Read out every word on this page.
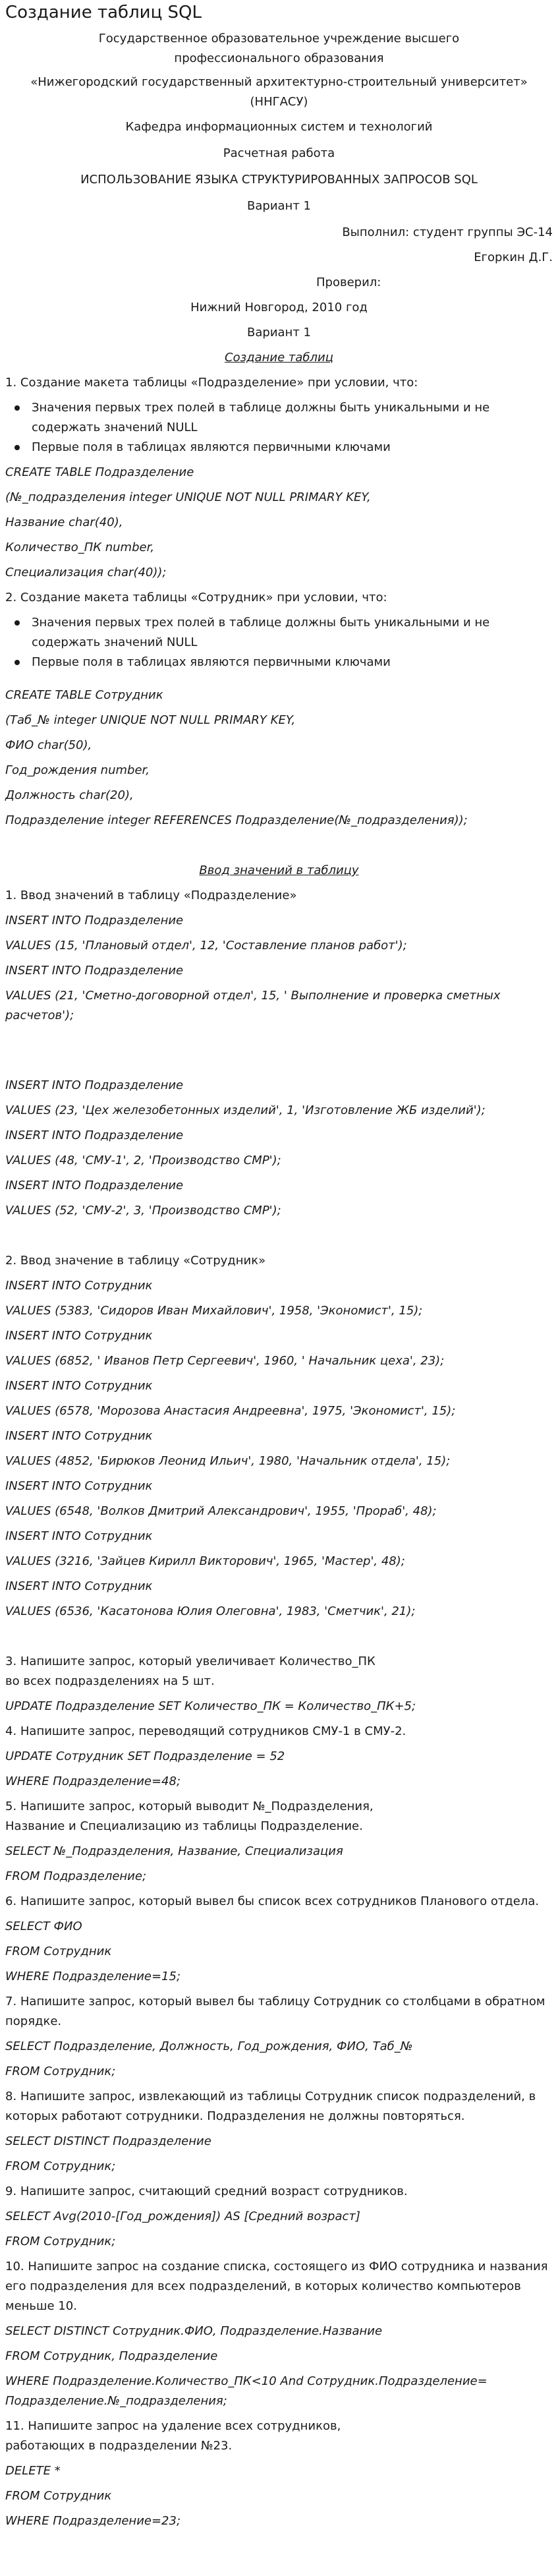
Создание таблиц SQL
Государственное образовательное учреждение высшего
профессионального образования
«Нижегородский государственный архитектурно-строительный университет»
(ННГАСУ)
Кафедра информационных систем и технологий
Расчетная работа
ИСПОЛЬЗОВАНИЕ ЯЗЫКА СТРУКТУРИРОВАННЫХ ЗАПРОСОВ SQL
Вариант 1
Выполнил: студент группы ЭС-14
Егоркин Д.Г.
Проверил:
Нижний Новгород, 2010 год
Вариант 1
Создание таблиц
1. Создание макета таблицы «Подразделение» при условии, что:
Значения первых трех полей в таблице должны быть уникальными и не
содержать значений NULL
Первые поля в таблицах являются первичными ключами
CREATE TABLE Подразделение
(№_подразделения integer UNIQUE NOT NULL PRIMARY KEY,
Название char(40),
Количество_ПК number,
Специализация char(40));
2. Создание макета таблицы «Сотрудник» при условии, что:
Значения первых трех полей в таблице должны быть уникальными и не
содержать значений NULL
Первые поля в таблицах являются первичными ключами
CREATE TABLE Сотрудник
(Таб_№ integer UNIQUE NOT NULL PRIMARY KEY,
ФИО char(50),
Год_рождения number,
Должность char(20),
Подразделение integer REFERENCES Подразделение(№_подразделения));
Ввод значений в таблицу
1. Ввод значений в таблицу «Подразделение»
INSERT INTO Подразделение
VALUES (15, 'Плановый отдел', 12, 'Составление планов работ');
INSERT INTO Подразделение
VALUES (21, 'Сметно-договорной отдел', 15, ' Выполнение и проверка сметных
расчетов');
INSERT INTO Подразделение
VALUES (23, 'Цех железобетонных изделий', 1, 'Изготовление ЖБ изделий');
INSERT INTO Подразделение
VALUES (48, 'СМУ-1', 2, 'Производство СМР');
INSERT INTO Подразделение
VALUES (52, 'СМУ-2', 3, 'Производство СМР');
2. Ввод значение в таблицу «Сотрудник»
INSERT INTO Сотрудник
VALUES (5383, 'Сидоров Иван Михайлович', 1958, 'Экономист', 15);
INSERT INTO Сотрудник
VALUES (6852, ' Иванов Петр Сергеевич', 1960, ' Начальник цеха', 23);
INSERT INTO Сотрудник
VALUES (6578, 'Морозова Анастасия Андреевна', 1975, 'Экономист', 15);
INSERT INTO Сотрудник
VALUES (4852, 'Бирюков Леонид Ильич', 1980, 'Начальник отдела', 15);
INSERT INTO Сотрудник
VALUES (6548, 'Волков Дмитрий Александрович', 1955, 'Прораб', 48);
INSERT INTO Сотрудник
VALUES (3216, 'Зайцев Кирилл Викторович', 1965, 'Мастер', 48);
INSERT INTO Сотрудник
VALUES (6536, 'Касатонова Юлия Олеговна', 1983, 'Сметчик', 21);
3. Напишите запрос, который увеличивает Количество_ПК
во всех подразделениях на 5 шт.
UPDATE Подразделение SET Количество_ПК = Количество_ПК+5;
4. Напишите запрос, переводящий сотрудников СМУ-1 в СМУ-2.
UPDATE Сотрудник SET Подразделение = 52
WHERE Подразделение=48;
5. Напишите запрос, который выводит №_Подразделения,
Название и Специализацию из таблицы Подразделение.
SELECT №_Подразделения, Название, Специализация
FROM Подразделение;
6. Напишите запрос, который вывел бы список всех сотрудников Планового отдела.
SELECT ФИО
FROM Сотрудник
WHERE Подразделение=15;
7. Напишите запрос, который вывел бы таблицу Сотрудник со столбцами в обратном
порядке.
SELECT Подразделение, Должность, Год_рождения, ФИО, Таб_№
FROM Сотрудник;
8. Напишите запрос, извлекающий из таблицы Сотрудник список подразделений, в
которых работают сотрудники. Подразделения не должны повторяться.
SELECT DISTINCT Подразделение
FROM Сотрудник;
9. Напишите запрос, считающий средний возраст сотрудников.
SELECT Avg(2010-[Год_рождения]) AS [Средний возраст]
FROM Сотрудник;
10. Напишите запрос на создание списка, состоящего из ФИО сотрудника и названия
его подразделения для всех подразделений, в которых количество компьютеров
меньше 10.
SELECT DISTINCT Сотрудник.ФИО, Подразделение.Название
FROM Сотрудник, Подразделение
WHERE Подразделение.Количество_ПК<10 And Сотрудник.Подразделение=
Подразделение.№_подразделения;
11. Напишите запрос на удаление всех сотрудников,
работающих в подразделении №23.
DELETE *
FROM Сотрудник
WHERE Подразделение=23;
